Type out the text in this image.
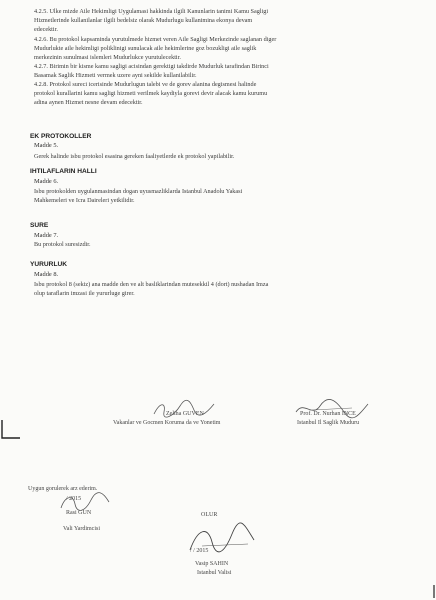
4.2.5. Ulke mizde Aile Hekimligi Uygulamasi hakkinda ilgili Kanunlarin tanimi Kamu Sagligi
Hizmetlerinde kullanilanlar ilgili bedelsiz olarak Mudurlugu kullanimina ekonya devam
edecektir.
4.2.6. Bu protokol kapsaminda yurutulmede hizmet veren Aile Sagligi Merkezinde saglanan diger
Mudurlukte aile hekimligi poliklinigi sunulacak aile hekimlerine goz bozukligi aile saglik
merkezinin sunulmasi islemleri Mudurlukce yurutulecektir.
4.2.7. Birimin bir kisme kamu sagligi acisindan gerektigi takdirde Mudurluk tarafindan Birinci
Basamak Saglik Hizmeti vermek uzere ayni sekilde kullanilabilir.
4.2.8. Protokol sureci icerisinde Mudurlugun talebi ve de gorev alanina degismesi halinde
protokol kurallarini kamu sagligi hizmeti verilmek kaydiyla gorevi devir alacak kamu kurumu
adina aynen Hizmet nesne devam edecektir.
EK PROTOKOLLER
Madde 5.
Gerek halinde isbu protokol esasina gereken faaliyetlerde ek protokol yapilabilir.
IHTILAFLARIN HALLI
Madde 6.
Isbu protokolden uygulanmasindan dogan uyusmazliklarda Istanbul Anadolu Yakasi
Mahkemeleri ve Icra Daireleri yetkilidir.
SURE
Madde 7.
Bu protokol suresizdir.
YURURLUK
Madde 8.
Isbu protokol 8 (sekiz) ana madde den ve alt basliklarindan mutesekkil 4 (dort) nushadan Imza
olup taraflarin imzasi ile yururluge girer.
Zeliha GUVEN
Vakanlar ve Gocmen Koruma da ve Yonetim
Prof. Dr. Nurhan INCE
Istanbul Il Saglik Muduru
Uygun gorulerek arz ederim.
/ 2015
Rasi GUN
Vali Yardimcisi
OLUR
/ / 2015
Vasip SAHIN
Istanbul Valisi
